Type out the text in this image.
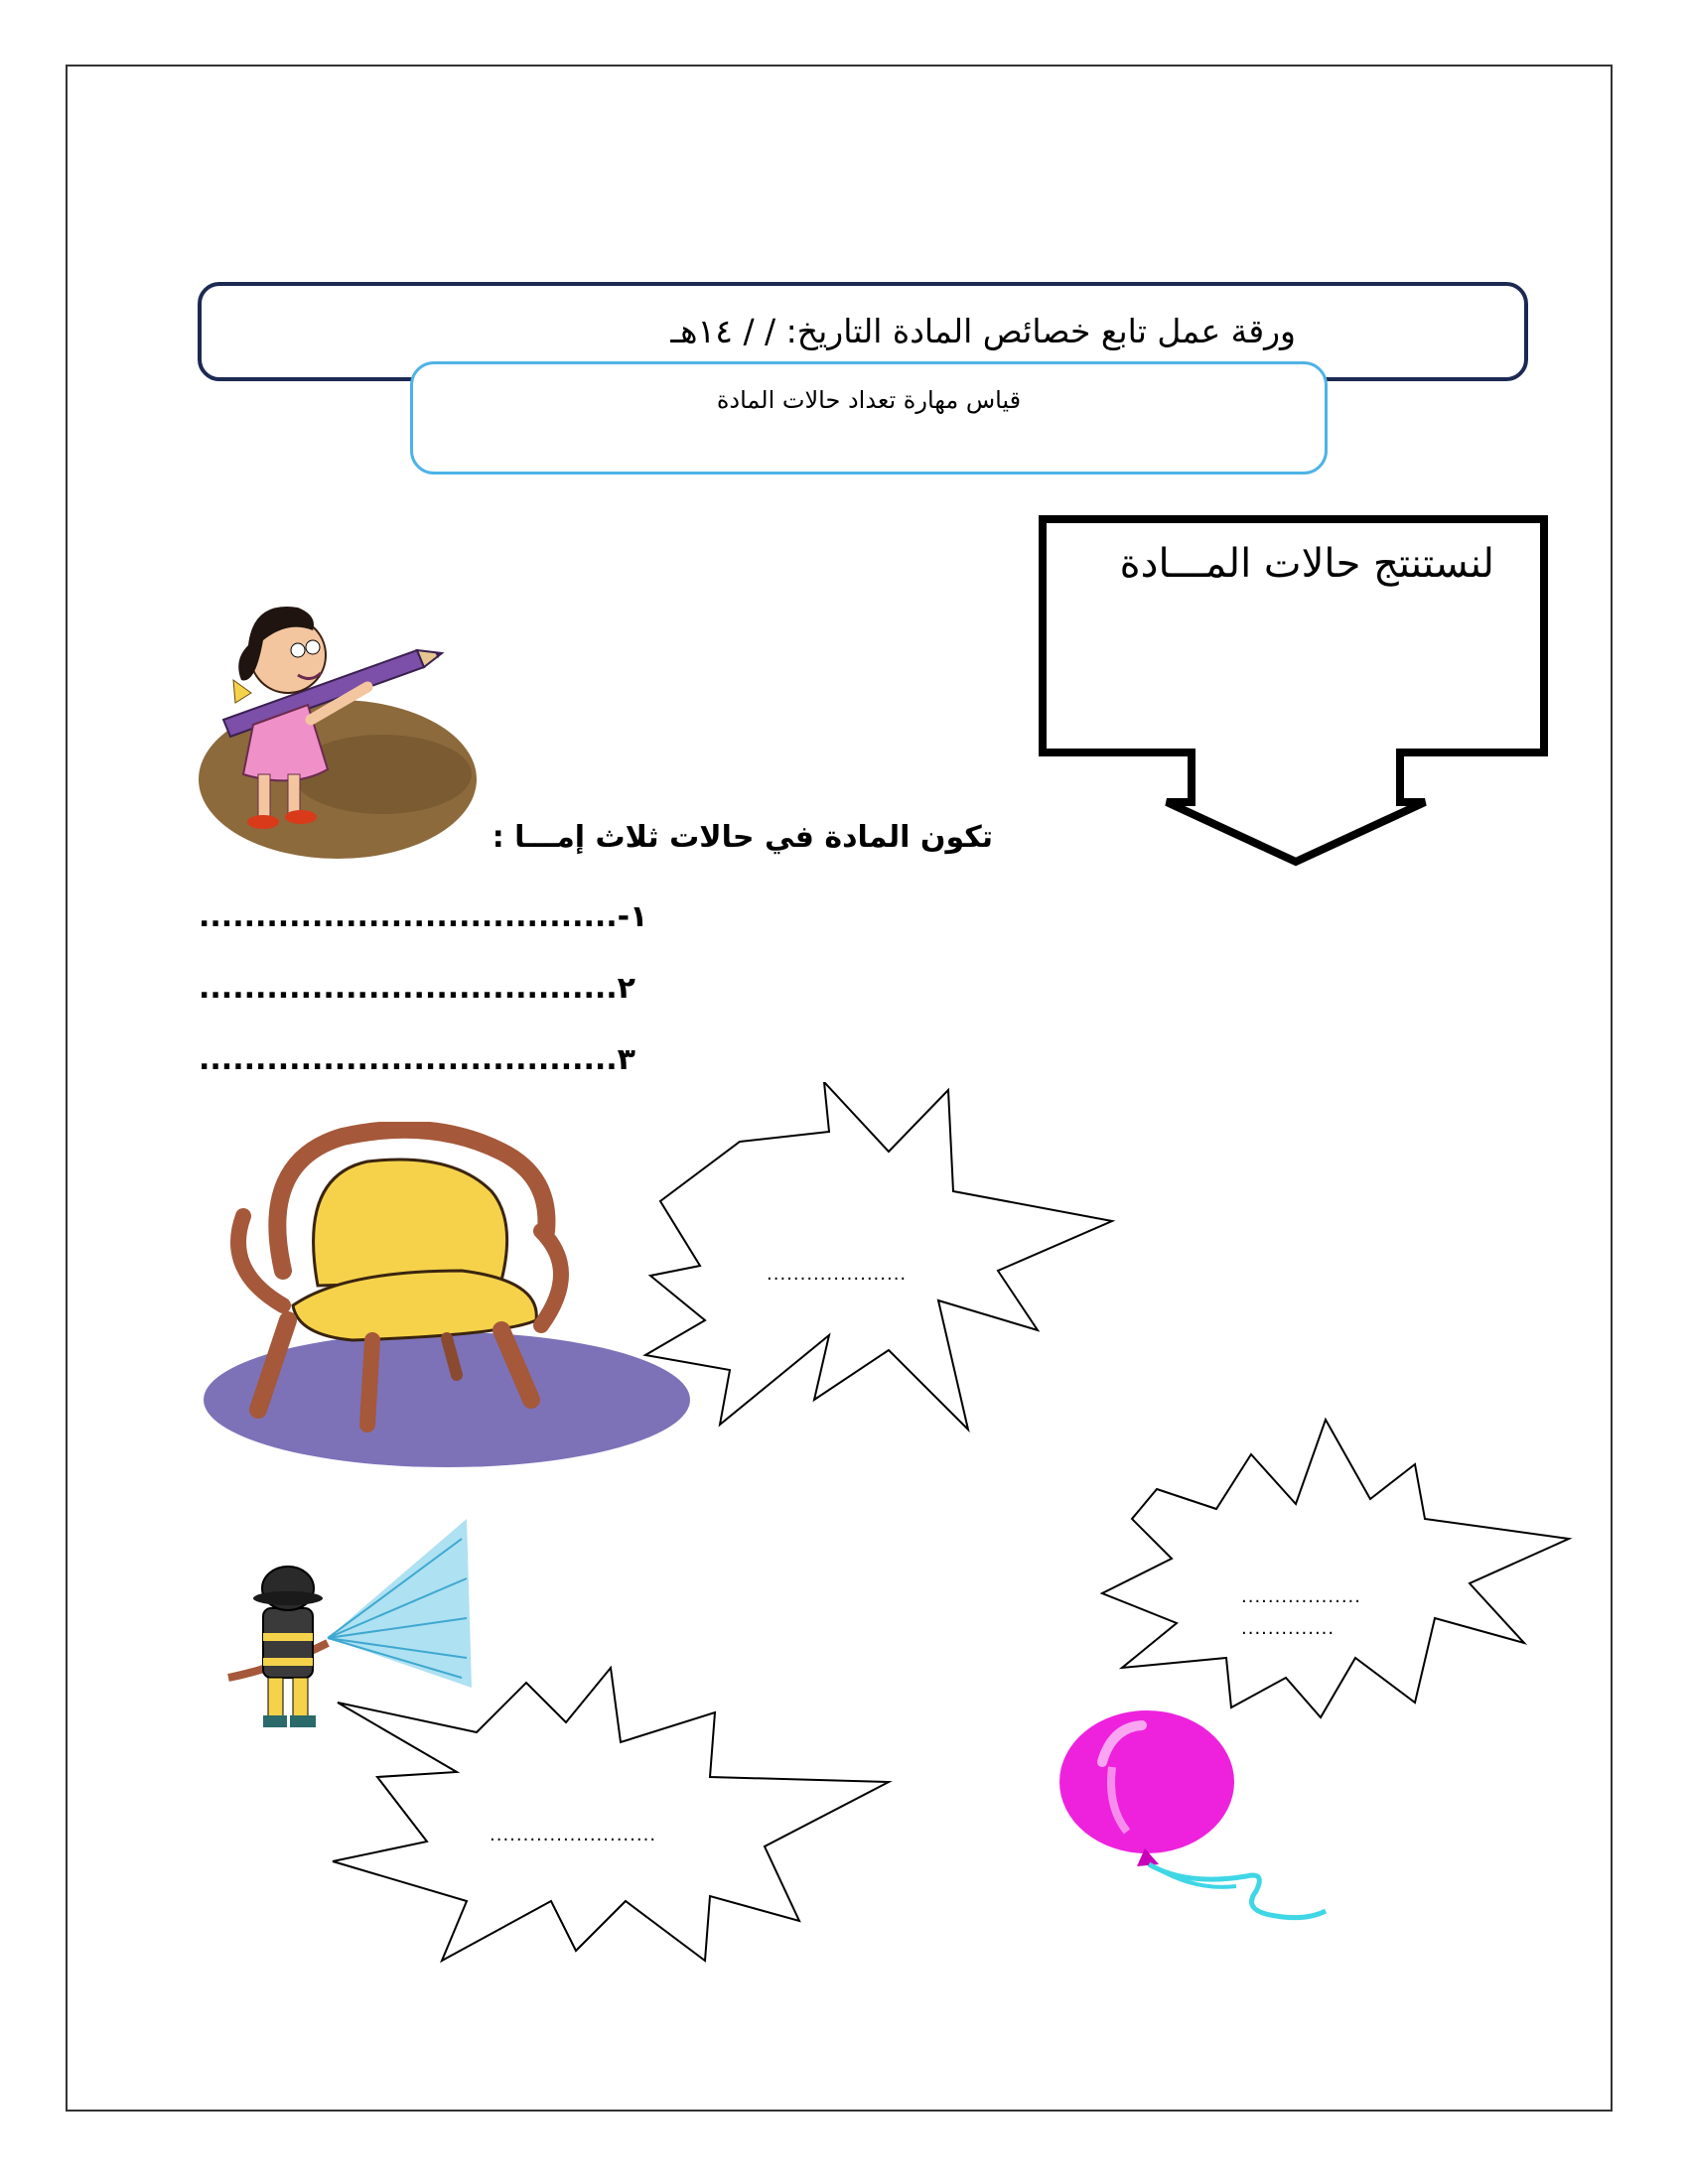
ورقة عمل تابع خصائص المادة التاريخ: / / ١٤هـ
قياس مهارة تعداد حالات المادة
لنستنتج حالات المـــادة
تكون المادة في حالات ثلاث إمـــا :
١-.....................................
٢.....................................
٣.....................................
.....................
..................
..............
.........................
